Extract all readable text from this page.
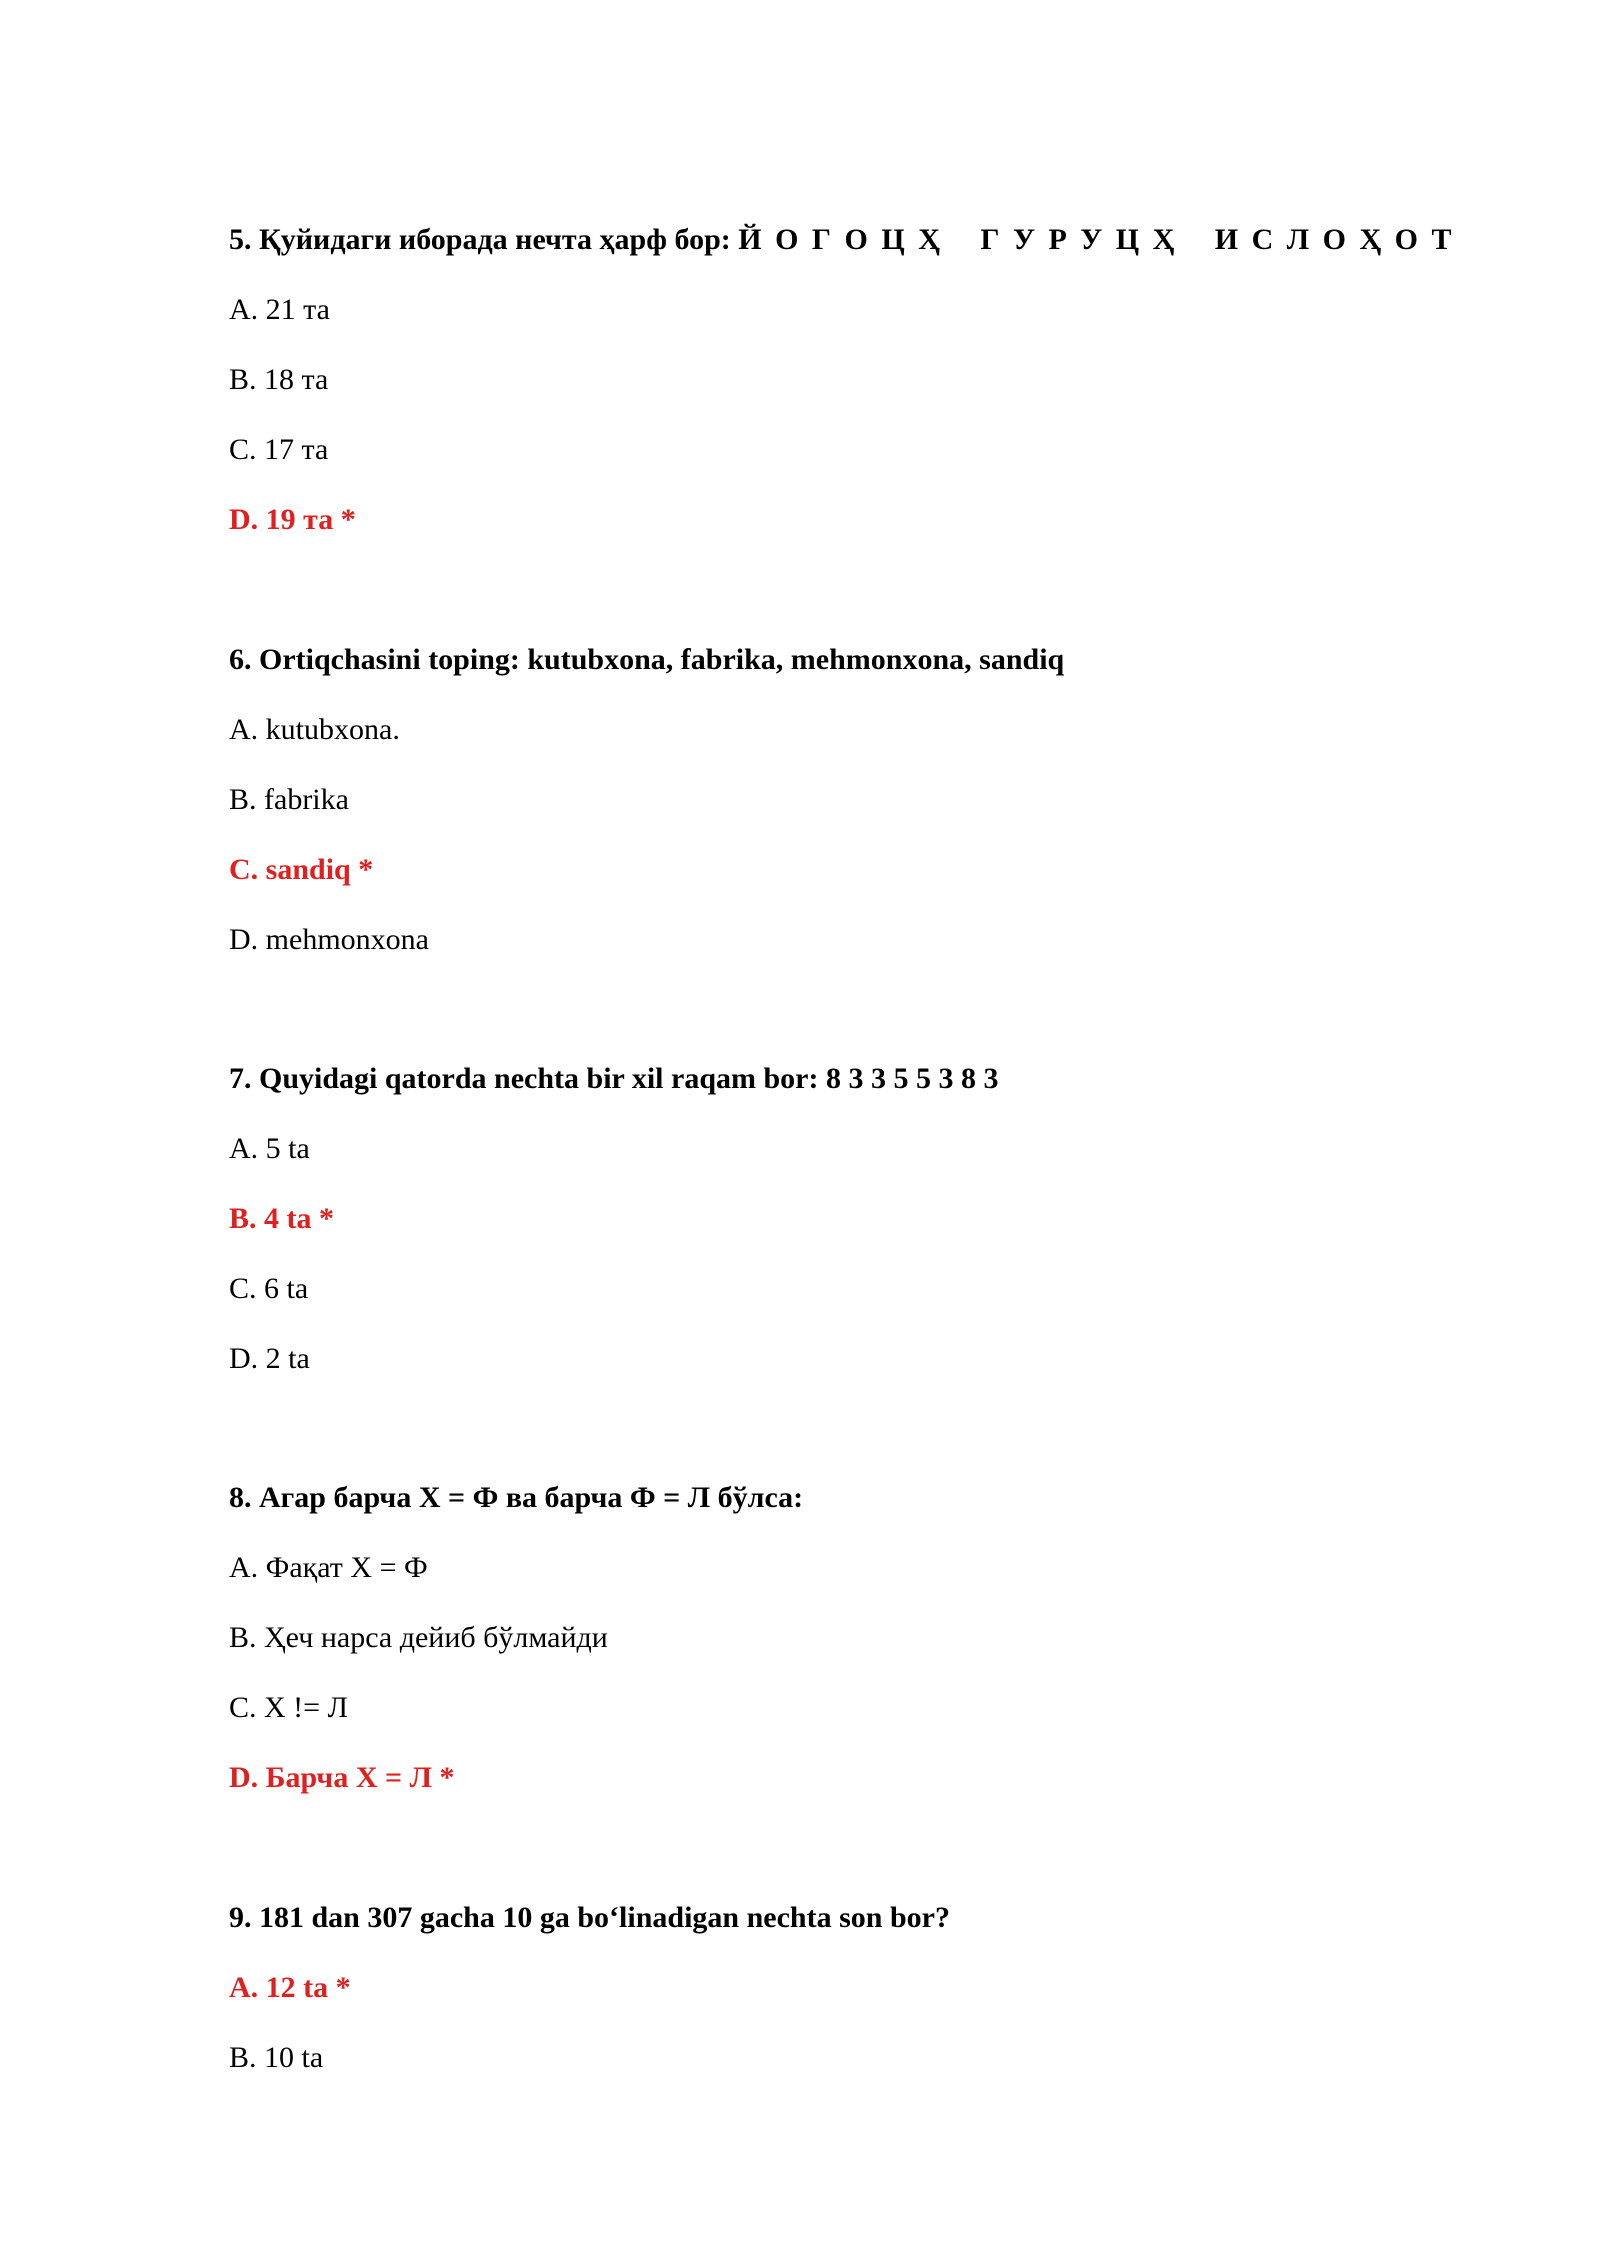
5. Қуйидаги иборада нечта ҳарф бор: Й О Г О Ц Ҳ   Г У Р У Ц Ҳ   И С Л О Ҳ О Т
A. 21 та
B. 18 та
C. 17 та
D. 19 та *
6. Ortiqchasini toping: kutubxona, fabrika, mehmonxona, sandiq
A. kutubxona.
B. fabrika
C. sandiq *
D. mehmonxona
7. Quyidagi qatorda nechta bir xil raqam bor: 8 3 3 5 5 3 8 3
A. 5 ta
B. 4 ta *
C. 6 ta
D. 2 ta
8. Агар барча Х = Ф ва барча Ф = Л бўлса:
A. Фақат Х = Ф
B. Ҳеч нарса дейиб бўлмайди
C. Х != Л
D. Барча Х = Л *
9. 181 dan 307 gacha 10 ga bo‘linadigan nechta son bor?
A. 12 ta *
B. 10 ta
